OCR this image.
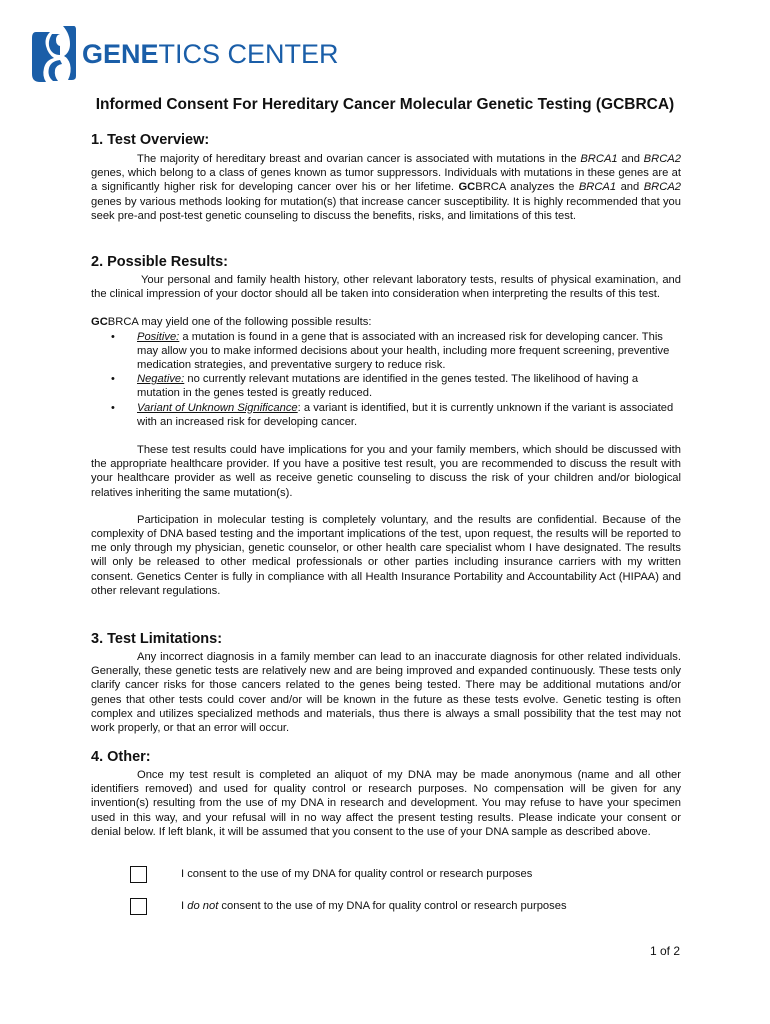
GENETICS CENTER
Informed Consent For Hereditary Cancer Molecular Genetic Testing (GCBRCA)
1. Test Overview:

The majority of hereditary breast and ovarian cancer is associated with mutations in the BRCA1 and BRCA2 genes, which belong to a class of genes known as tumor suppressors. Individuals with mutations in these genes are at a significantly higher risk for developing cancer over his or her lifetime. GCBRCA analyzes the BRCA1 and BRCA2 genes by various methods looking for mutation(s) that increase cancer susceptibility. It is highly recommended that you seek pre-and post-test genetic counseling to discuss the benefits, risks, and limitations of this test.

2. Possible Results:

Your personal and family health history, other relevant laboratory tests, results of physical examination, and the clinical impression of your doctor should all be taken into consideration when interpreting the results of this test.

GCBRCA may yield one of the following possible results:

• Positive: a mutation is found in a gene that is associated with an increased risk for developing cancer. This may allow you to make informed decisions about your health, including more frequent screening, preventive medication strategies, and preventative surgery to reduce risk.
• Negative: no currently relevant mutations are identified in the genes tested. The likelihood of having a mutation in the genes tested is greatly reduced.
• Variant of Unknown Significance: a variant is identified, but it is currently unknown if the variant is associated with an increased risk for developing cancer.

These test results could have implications for you and your family members, which should be discussed with the appropriate healthcare provider. If you have a positive test result, you are recommended to discuss the result with your healthcare provider as well as receive genetic counseling to discuss the risk of your children and/or biological relatives inheriting the same mutation(s).

Participation in molecular testing is completely voluntary, and the results are confidential. Because of the complexity of DNA based testing and the important implications of the test, upon request, the results will be reported to me only through my physician, genetic counselor, or other health care specialist whom I have designated. The results will only be released to other medical professionals or other parties including insurance carriers with my written consent. Genetics Center is fully in compliance with all Health Insurance Portability and Accountability Act (HIPAA) and other relevant regulations.

3. Test Limitations:

Any incorrect diagnosis in a family member can lead to an inaccurate diagnosis for other related individuals. Generally, these genetic tests are relatively new and are being improved and expanded continuously. These tests only clarify cancer risks for those cancers related to the genes being tested. There may be additional mutations and/or genes that other tests could cover and/or will be known in the future as these tests evolve. Genetic testing is often complex and utilizes specialized methods and materials, thus there is always a small possibility that the test may not work properly, or that an error will occur.

4. Other:

Once my test result is completed an aliquot of my DNA may be made anonymous (name and all other identifiers removed) and used for quality control or research purposes. No compensation will be given for any invention(s) resulting from the use of my DNA in research and development. You may refuse to have your specimen used in this way, and your refusal will in no way affect the present testing results. Please indicate your consent or denial below. If left blank, it will be assumed that you consent to the use of your DNA sample as described above.

I consent to the use of my DNA for quality control or research purposes
I do not consent to the use of my DNA for quality control or research purposes
1 of 2
